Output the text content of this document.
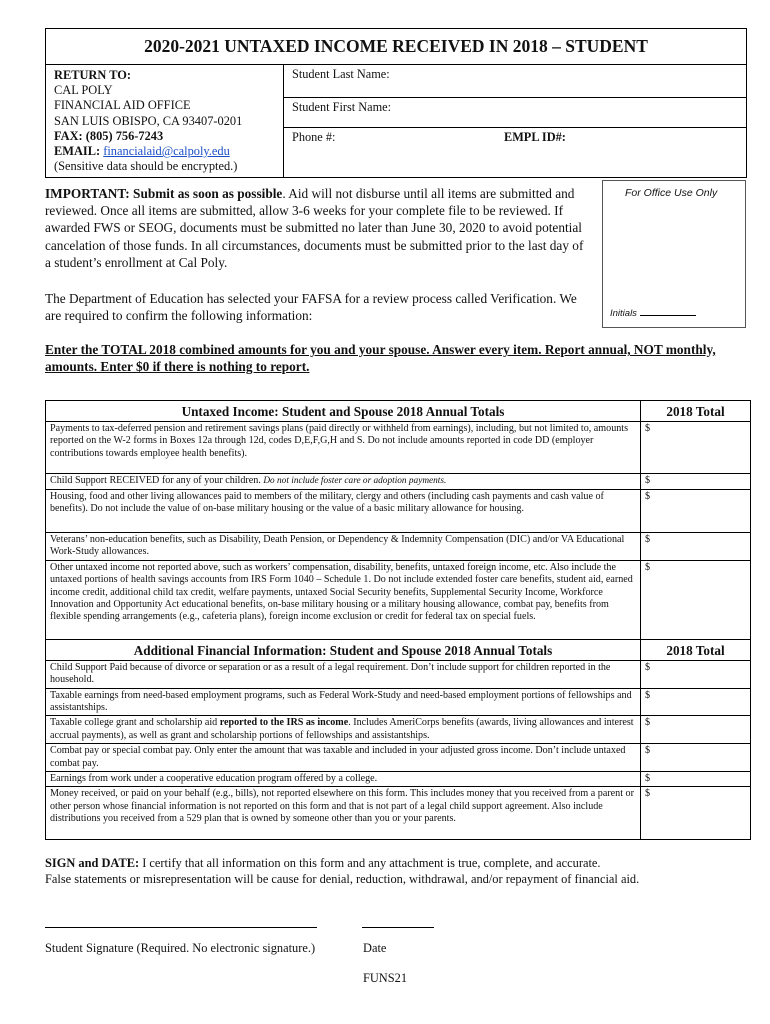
2020-2021 UNTAXED INCOME RECEIVED IN 2018 – STUDENT
RETURN TO:
CAL POLY
FINANCIAL AID OFFICE
SAN LUIS OBISPO, CA 93407-0201
FAX: (805) 756-7243
EMAIL: financialaid@calpoly.edu
(Sensitive data should be encrypted.)
Student Last Name:
Student First Name:
Phone #:	EMPL ID#:
IMPORTANT: Submit as soon as possible. Aid will not disburse until all items are submitted and reviewed. Once all items are submitted, allow 3-6 weeks for your complete file to be reviewed. If awarded FWS or SEOG, documents must be submitted no later than June 30, 2020 to avoid potential cancelation of those funds. In all circumstances, documents must be submitted prior to the last day of a student’s enrollment at Cal Poly.
The Department of Education has selected your FAFSA for a review process called Verification. We are required to confirm the following information:
For Office Use Only
Initials
Enter the TOTAL 2018 combined amounts for you and your spouse. Answer every item. Report annual, NOT monthly, amounts. Enter $0 if there is nothing to report.
Untaxed Income: Student and Spouse 2018 Annual Totals	2018 Total
Payments to tax-deferred pension and retirement savings plans (paid directly or withheld from earnings), including, but not limited to, amounts reported on the W-2 forms in Boxes 12a through 12d, codes D,E,F,G,H and S. Do not include amounts reported in code DD (employer contributions towards employee health benefits).	$
Child Support RECEIVED for any of your children. Do not include foster care or adoption payments.	$
Housing, food and other living allowances paid to members of the military, clergy and others (including cash payments and cash value of benefits). Do not include the value of on-base military housing or the value of a basic military allowance for housing.	$
Veterans’ non-education benefits, such as Disability, Death Pension, or Dependency & Indemnity Compensation (DIC) and/or VA Educational Work-Study allowances.	$
Other untaxed income not reported above, such as workers’ compensation, disability, benefits, untaxed foreign income, etc. Also include the untaxed portions of health savings accounts from IRS Form 1040 – Schedule 1. Do not include extended foster care benefits, student aid, earned income credit, additional child tax credit, welfare payments, untaxed Social Security benefits, Supplemental Security Income, Workforce Innovation and Opportunity Act educational benefits, on-base military housing or a military housing allowance, combat pay, benefits from flexible spending arrangements (e.g., cafeteria plans), foreign income exclusion or credit for federal tax on special fuels.	$
Additional Financial Information: Student and Spouse 2018 Annual Totals	2018 Total
Child Support Paid because of divorce or separation or as a result of a legal requirement. Don’t include support for children reported in the household.	$
Taxable earnings from need-based employment programs, such as Federal Work-Study and need-based employment portions of fellowships and assistantships.	$
Taxable college grant and scholarship aid reported to the IRS as income. Includes AmeriCorps benefits (awards, living allowances and interest accrual payments), as well as grant and scholarship portions of fellowships and assistantships.	$
Combat pay or special combat pay. Only enter the amount that was taxable and included in your adjusted gross income. Don’t include untaxed combat pay.	$
Earnings from work under a cooperative education program offered by a college.	$
Money received, or paid on your behalf (e.g., bills), not reported elsewhere on this form. This includes money that you received from a parent or other person whose financial information is not reported on this form and that is not part of a legal child support agreement. Also include distributions you received from a 529 plan that is owned by someone other than you or your parents.	$
SIGN and DATE: I certify that all information on this form and any attachment is true, complete, and accurate.
False statements or misrepresentation will be cause for denial, reduction, withdrawal, and/or repayment of financial aid.
Student Signature (Required. No electronic signature.)	Date
FUNS21
